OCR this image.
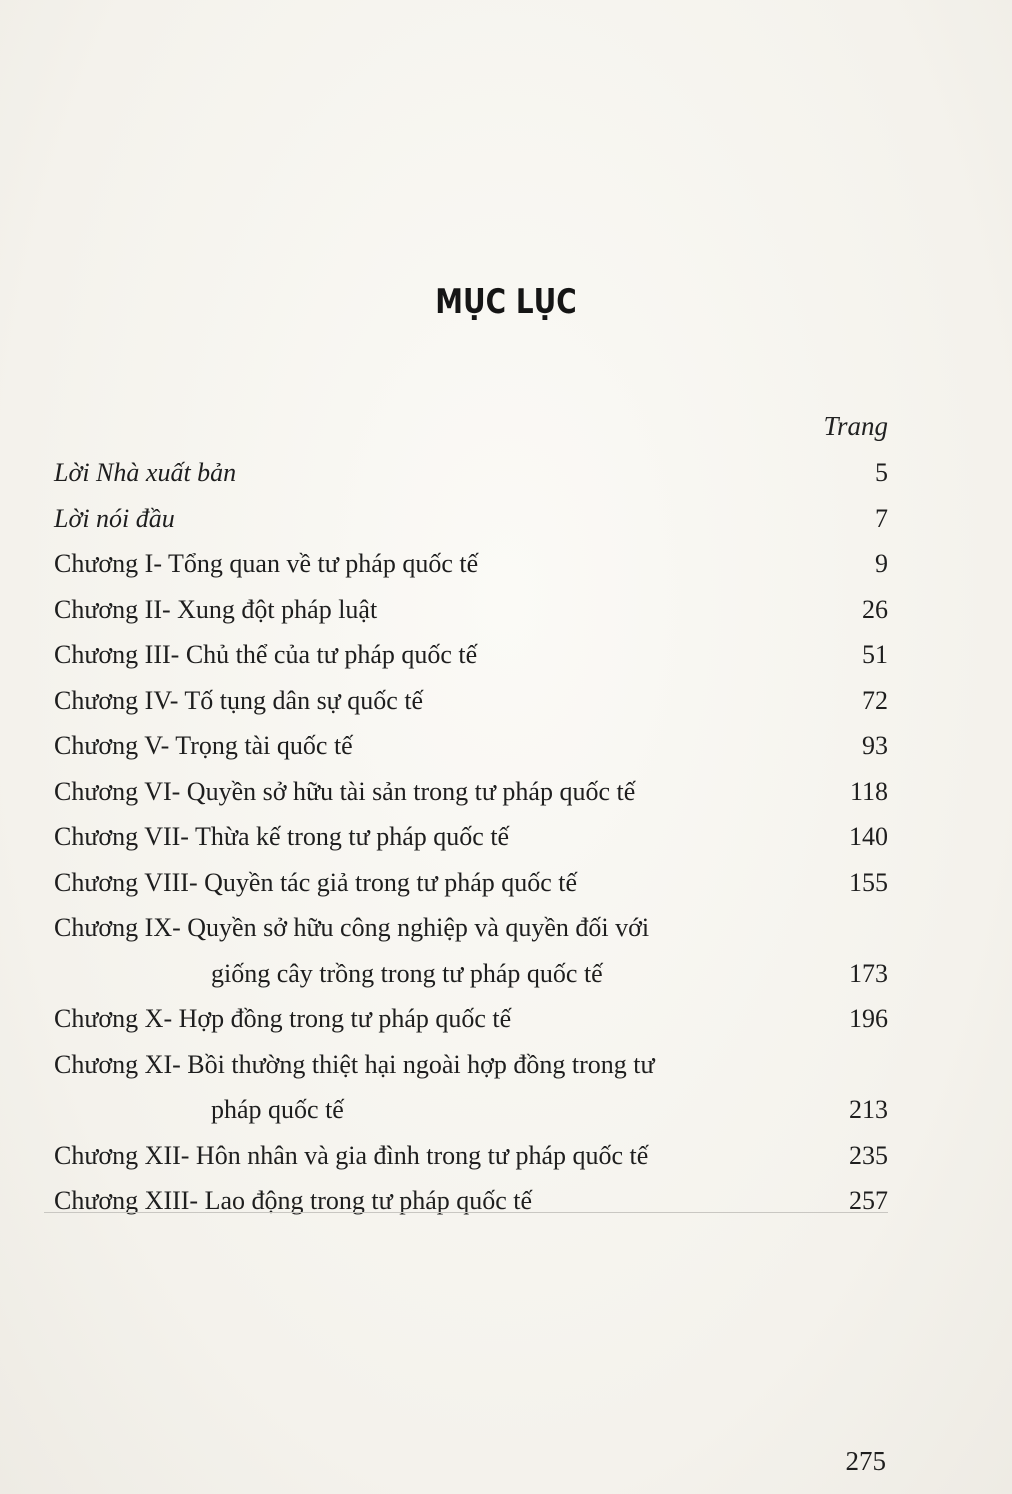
MỤC LỤC
Trang
Lời Nhà xuất bản	5
Lời nói đầu	7
Chương I- Tổng quan về tư pháp quốc tế	9
Chương II- Xung đột pháp luật	26
Chương III- Chủ thể của tư pháp quốc tế	51
Chương IV- Tố tụng dân sự quốc tế	72
Chương V- Trọng tài quốc tế	93
Chương VI- Quyền sở hữu tài sản trong tư pháp quốc tế	118
Chương VII- Thừa kế trong tư pháp quốc tế	140
Chương VIII- Quyền tác giả trong tư pháp quốc tế	155
Chương IX- Quyền sở hữu công nghiệp và quyền đối với
giống cây trồng trong tư pháp quốc tế	173
Chương X- Hợp đồng trong tư pháp quốc tế	196
Chương XI- Bồi thường thiệt hại ngoài hợp đồng trong tư
pháp quốc tế	213
Chương XII- Hôn nhân và gia đình trong tư pháp quốc tế	235
Chương XIII- Lao động trong tư pháp quốc tế	257
275
